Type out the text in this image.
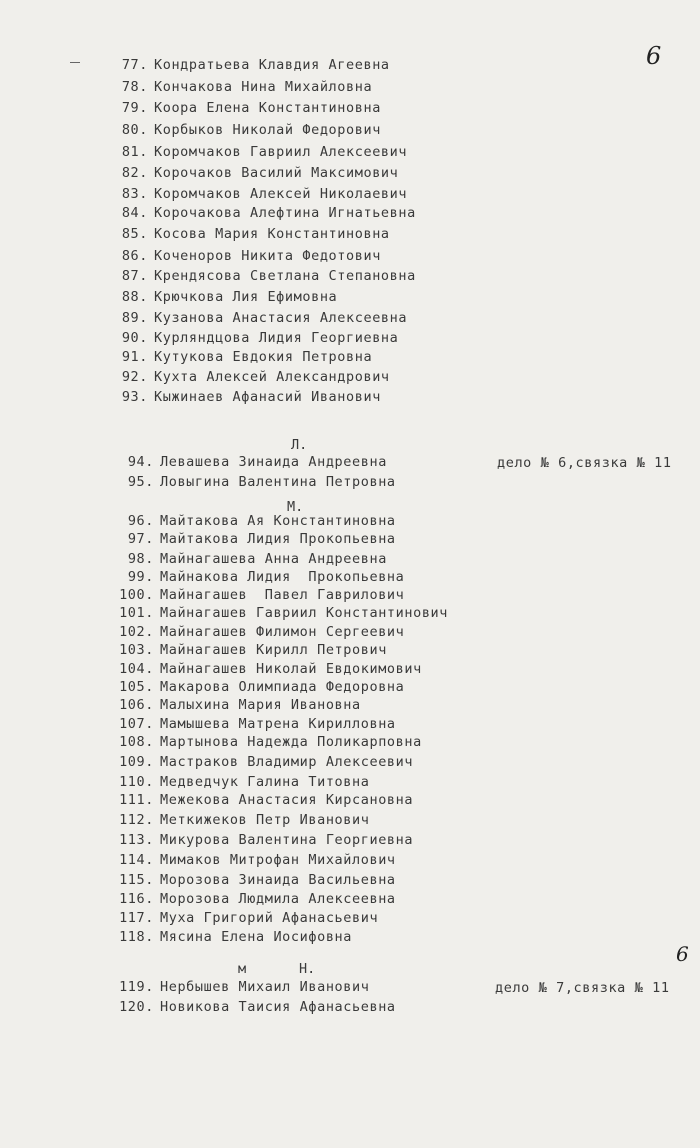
6
Л.
дело № 6,связка № 11
М.
6
м	Н.
дело № 7,связка № 11
77. Кондратьева Клавдия Агеевна
78. Кончакова Нина Михайловна
79. Коора Елена Константиновна
80. Корбыков Николай Федорович
81. Коромчаков Гавриил Алексеевич
82. Корочаков Василий Максимович
83. Коромчаков Алексей Николаевич
84. Корочакова Алефтина Игнатьевна
85. Косова Мария Константиновна
86. Коченоров Никита Федотович
87. Крендясова Светлана Степановна
88. Крючкова Лия Ефимовна
89. Кузанова Анастасия Алексеевна
90. Курляндцова Лидия Георгиевна
91. Кутукова Евдокия Петровна
92. Кухта Алексей Александрович
93. Кыжинаев Афанасий Иванович
94. Левашева Зинаида Андреевна
95. Ловыгина Валентина Петровна
96. Майтакова Ая Константиновна
97. Майтакова Лидия Прокопьевна
98. Майнагашева Анна Андреевна
99. Майнакова Лидия  Прокопьевна
100. Майнагашев  Павел Гаврилович
101. Майнагашев Гавриил Константинович
102. Майнагашев Филимон Сергеевич
103. Майнагашев Кирилл Петрович
104. Майнагашев Николай Евдокимович
105. Макарова Олимпиада Федоровна
106. Малыхина Мария Ивановна
107. Мамышева Матрена Кирилловна
108. Мартынова Надежда Поликарповна
109. Мастраков Владимир Алексеевич
110. Медведчук Галина Титовна
111. Межекова Анастасия Кирсановна
112. Меткижеков Петр Иванович
113. Микурова Валентина Георгиевна
114. Мимаков Митрофан Михайлович
115. Морозова Зинаида Васильевна
116. Морозова Людмила Алексеевна
117. Муха Григорий Афанасьевич
118. Мясина Елена Иосифовна
119. Нербышев Михаил Иванович
120. Новикова Таисия Афанасьевна
